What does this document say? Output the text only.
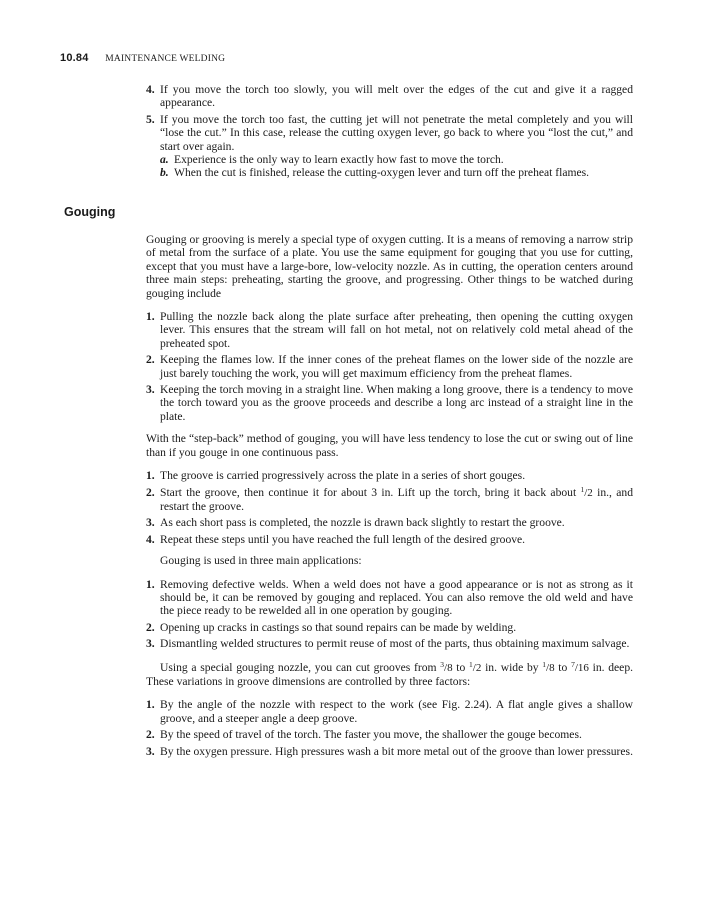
10.84 MAINTENANCE WELDING
4. If you move the torch too slowly, you will melt over the edges of the cut and give it a ragged appearance.
5. If you move the torch too fast, the cutting jet will not penetrate the metal completely and you will “lose the cut.” In this case, release the cutting oxygen lever, go back to where you “lost the cut,” and start over again.
a. Experience is the only way to learn exactly how fast to move the torch.
b. When the cut is finished, release the cutting-oxygen lever and turn off the preheat flames.
Gouging

Gouging or grooving is merely a special type of oxygen cutting. It is a means of removing a narrow strip of metal from the surface of a plate. You use the same equipment for gouging that you use for cutting, except that you must have a large-bore, low-velocity nozzle. As in cutting, the operation centers around three main steps: preheating, starting the groove, and progressing. Other things to be watched during gouging include

1. Pulling the nozzle back along the plate surface after preheating, then opening the cutting oxygen lever. This ensures that the stream will fall on hot metal, not on relatively cold metal ahead of the preheated spot.
2. Keeping the flames low. If the inner cones of the preheat flames on the lower side of the nozzle are just barely touching the work, you will get maximum efficiency from the preheat flames.
3. Keeping the torch moving in a straight line. When making a long groove, there is a tendency to move the torch toward you as the groove proceeds and describe a long arc instead of a straight line in the plate.

With the “step-back” method of gouging, you will have less tendency to lose the cut or swing out of line than if you gouge in one continuous pass.

1. The groove is carried progressively across the plate in a series of short gouges.
2. Start the groove, then continue it for about 3 in. Lift up the torch, bring it back about $^1$/2 in., and restart the groove.
3. As each short pass is completed, the nozzle is drawn back slightly to restart the groove.
4. Repeat these steps until you have reached the full length of the desired groove.

Gouging is used in three main applications:

1. Removing defective welds. When a weld does not have a good appearance or is not as strong as it should be, it can be removed by gouging and replaced. You can also remove the old weld and have the piece ready to be rewelded all in one operation by gouging.
2. Opening up cracks in castings so that sound repairs can be made by welding.
3. Dismantling welded structures to permit reuse of most of the parts, thus obtaining maximum salvage.

Using a special gouging nozzle, you can cut grooves from $^3$/8 to $^1$/2 in. wide by $^1$/8 to $^7$/16 in. deep. These variations in groove dimensions are controlled by three factors:

1. By the angle of the nozzle with respect to the work (see Fig. 2.24). A flat angle gives a shallow groove, and a steeper angle a deep groove.
2. By the speed of travel of the torch. The faster you move, the shallower the gouge becomes.
3. By the oxygen pressure. High pressures wash a bit more metal out of the groove than lower pressures.
